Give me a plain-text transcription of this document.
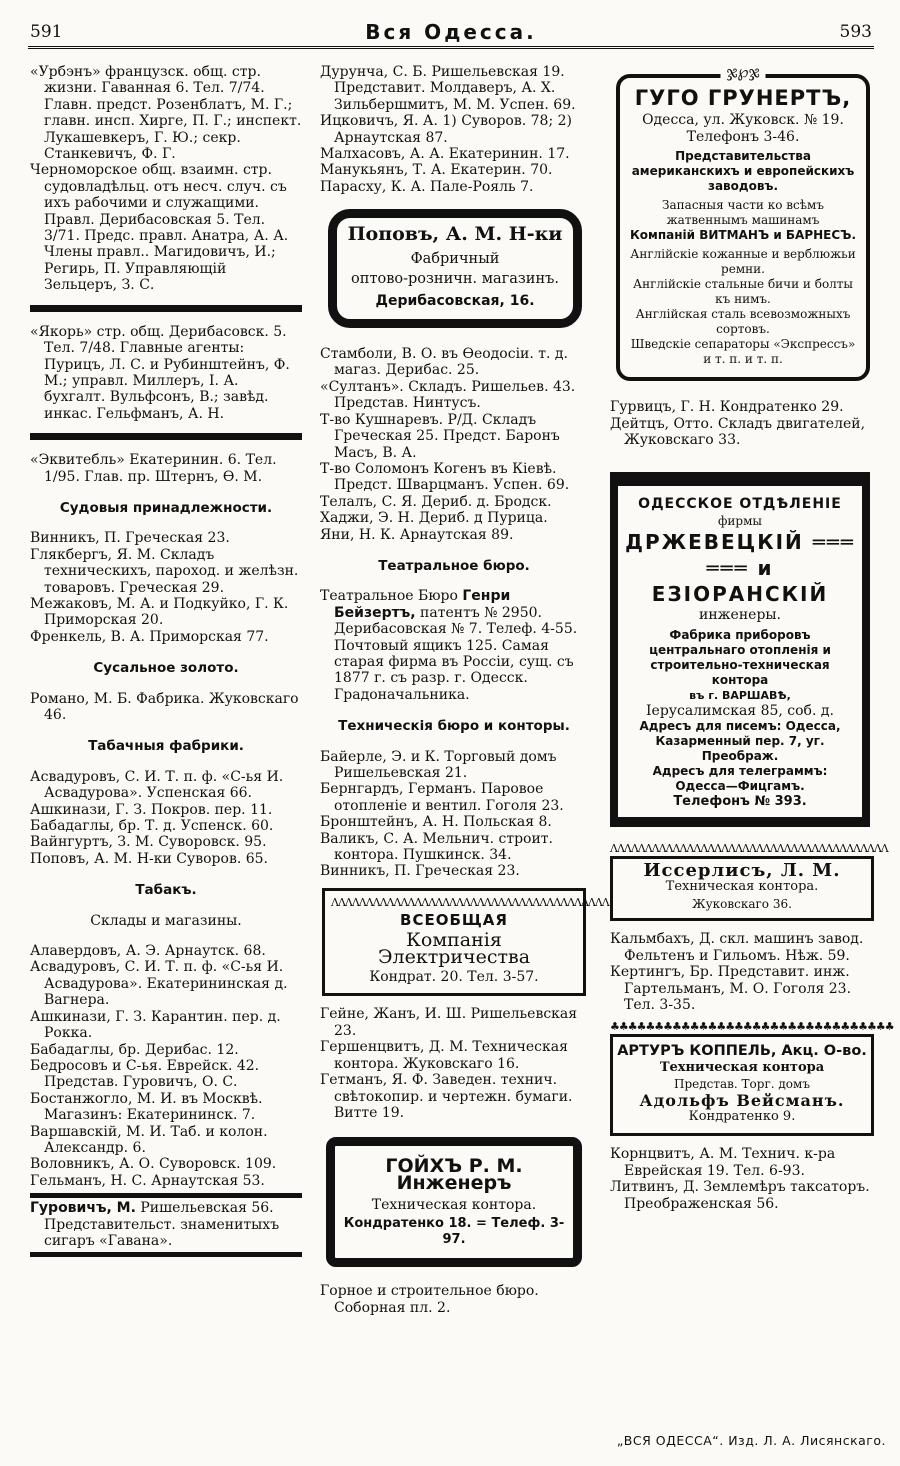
591	Вся Одесса.	593

«Урбэнъ» французск. общ. стр. жизни. Гаванная 6. Тел. 7/74. Главн. предст. Розенблатъ, М. Г.; главн. инсп. Хирге, П. Г.; инспект. Лукашевкеръ, Г. Ю.; секр. Станкевичъ, Ф. Г.

Черноморское общ. взаимн. стр. судовладѣльц. отъ несч. случ. съ ихъ рабочими и служащими. Правл. Дерибасовская 5. Тел. 3/71. Предс. правл. Анатра, А. А. Члены правл.. Магидовичъ, И.; Регирь, П. Управляющій Зельцеръ, З. С.

«Якорь» стр. общ. Дерибасовск. 5. Тел. 7/48. Главные агенты: Пурицъ, Л. С. и Рубинштейнъ, Ф. М.; управл. Миллеръ, І. А. бухгалт. Вульфсонъ, В.; завѣд. инкас. Гельфманъ, А. Н.

«Эквитебль» Екатеринин. 6. Тел. 1/95. Глав. пр. Штернъ, Ѳ. М.

Судовыя принадлежности.

Винникъ, П. Греческая 23.

Глякбергъ, Я. М. Складъ техническихъ, пароход. и желѣзн. товаровъ. Греческая 29.

Межаковъ, М. А. и Подкуйко, Г. К. Приморская 20.

Френкель, В. А. Приморская 77.

Сусальное золото.

Романо, М. Б. Фабрика. Жуковскаго 46.

Табачныя фабрики.

Асвадуровъ, С. И. Т. п. ф. «С-ья И. Асвадурова». Успенская 66.

Ашкинази, Г. З. Покров. пер. 11.

Бабадаглы, бр. Т. д. Успенск. 60.

Вайнгуртъ, З. М. Суворовск. 95.

Поповъ, А. М. Н-ки Суворов. 65.

Табакъ.

Склады и магазины.

Алавердовъ, А. Э. Арнаутск. 68.

Асвадуровъ, С. И. Т. п. ф. «С-ья И. Асвадурова». Екатерининская д. Вагнера.

Ашкинази, Г. З. Карантин. пер. д. Рокка.

Бабадаглы, бр. Дерибас. 12.

Бедросовъ и С-ья. Еврейск. 42. Представ. Гуровичъ, О. С.

Бостанжогло, М. И. въ Москвѣ. Магазинъ: Екатерининск. 7.

Варшавскій, М. И. Таб. и колон. Александр. 6.

Воловникъ, А. О. Суворовск. 109.

Гельманъ, Н. С. Арнаутская 53.

Гуровичъ, М. Ришельевская 56. Представительст. знаменитыхъ сигаръ «Гавана».

Дурунча, С. Б. Ришельевская 19. Представит. Молдаверъ, А. Х. Зильбершмитъ, М. М. Успен. 69.

Ицковичъ, Я. А. 1) Суворов. 78; 2) Арнаутская 87.

Малхасовъ, А. А. Екатеринин. 17.

Манукьянъ, Т. А. Екатерин. 70.

Парасху, К. А. Пале-Рояль 7.

Поповъ, А. М. Н-ки
Фабричный
оптово-розничн. магазинъ.
Дерибасовская, 16.

Стамболи, В. О. въ Ѳеодосіи. т. д. магаз. Дерибас. 25.

«Султанъ». Складъ. Ришельев. 43. Представ. Нинтусъ.

Т-во Кушнаревъ. Р/Д. Складъ Греческая 25. Предст. Баронъ Масъ, В. А.

Т-во Соломонъ Когенъ въ Кіевѣ. Предст. Шварцманъ. Успен. 69.

Телалъ, С. Я. Дериб. д. Бродск.

Хаджи, Э. Н. Дериб. д Пурица.

Яни, Н. К. Арнаутская 89.

Театральное бюро.

Театральное Бюро Генри Бейзертъ, патентъ № 2950. Дерибасовская № 7. Телеф. 4-55. Почтовый ящикъ 125. Самая старая фирма въ Россіи, сущ. съ 1877 г. съ разр. г. Одесск. Градоначальника.

Техническія бюро и конторы.

Байерле, Э. и К. Торговый домъ Ришельевская 21.

Бернгардъ, Германъ. Паровое отопленіе и вентил. Гоголя 23.

Бронштейнъ, А. Н. Польская 8.

Валикъ, С. А. Мельнич. строит. контора. Пушкинск. 34.

Винникъ, П. Греческая 23.

ΛΛΛΛΛΛΛΛΛΛΛΛΛΛΛΛΛΛΛΛΛΛΛΛΛΛΛΛΛΛΛΛΛΛΛΛΛΛΛΛ
ВСЕОБЩАЯ
Компанія Электричества
Кондрат. 20. Тел. 3-57.

Гейне, Жанъ, И. Ш. Ришельевская 23.

Гершенцвитъ, Д. М. Техническая контора. Жуковскаго 16.

Гетманъ, Я. Ф. Заведен. технич. свѣтокопир. и чертежн. бумаги. Витте 19.

ГОЙХЪ Р. М. Инженеръ
Техническая контора.
Кондратенко 18. = Телеф. 3-97.

Горное и строительное бюро. Соборная пл. 2.

ჯ℘ჯ
ГУГО ГРУНЕРТЪ,
Одесса, ул. Жуковск. № 19.
Телефонъ 3-46.
Представительства американскихъ и европейскихъ заводовъ.
Запасныя части ко всѣмъ жатвеннымъ машинамъ
Компаній ВИТМАНЪ и БАРНЕСЪ.
Англійскіе кожанные и верблюжьи ремни.
Англійскіе стальные бичи и болты къ нимъ.
Англійская сталь всевозможныхъ сортовъ.
Шведскіе сепараторы «Экспрессъ» и т. п. и т. п.

Гурвицъ, Г. Н. Кондратенко 29.

Дейтцъ, Отто. Складъ двигателей, Жуковскаго 33.

ОДЕССКОЕ ОТДѢЛЕНІЕ
фирмы
ДРЖЕВЕЦКІЙ ═══
═══ и ЕЗІОРАНСКІЙ
инженеры.
Фабрика приборовъ центральнаго отопленія и строительно-техническая контора
въ г. ВАРШАВѢ,
Іерусалимская 85, соб. д.
Адресъ для писемъ: Одесса, Казарменный пер. 7, уг. Преображ.
Адресъ для телеграммъ:
Одесса—Фицгамъ.
Телефонъ № 393.
ΛΛΛΛΛΛΛΛΛΛΛΛΛΛΛΛΛΛΛΛΛΛΛΛΛΛΛΛΛΛΛΛΛΛΛΛΛΛΛΛ
Иссерлисъ, Л. М.
Техническая контора.
Жуковскаго 36.

Кальмбахъ, Д. скл. машинъ завод. Фельтенъ и Гильомъ. Нѣж. 59.

Кертингъ, Бр. Представит. инж. Гартельманъ, М. О. Гоголя 23. Тел. 3-35.

♣♣♣♣♣♣♣♣♣♣♣♣♣♣♣♣♣♣♣♣♣♣♣♣♣♣♣♣♣♣♣♣
АРТУРЪ КОППЕЛЬ, Акц. О-во.
Техническая контора
Представ. Торг. домъ
Адольфъ Вейсманъ.
Кондратенко 9.

Корнцвитъ, А. М. Технич. к-ра Еврейская 19. Тел. 6-93.

Литвинъ, Д. Землемѣръ таксаторъ. Преображенская 56.

„ВСЯ ОДЕССА“. Изд. Л. А. Лисянскаго.
